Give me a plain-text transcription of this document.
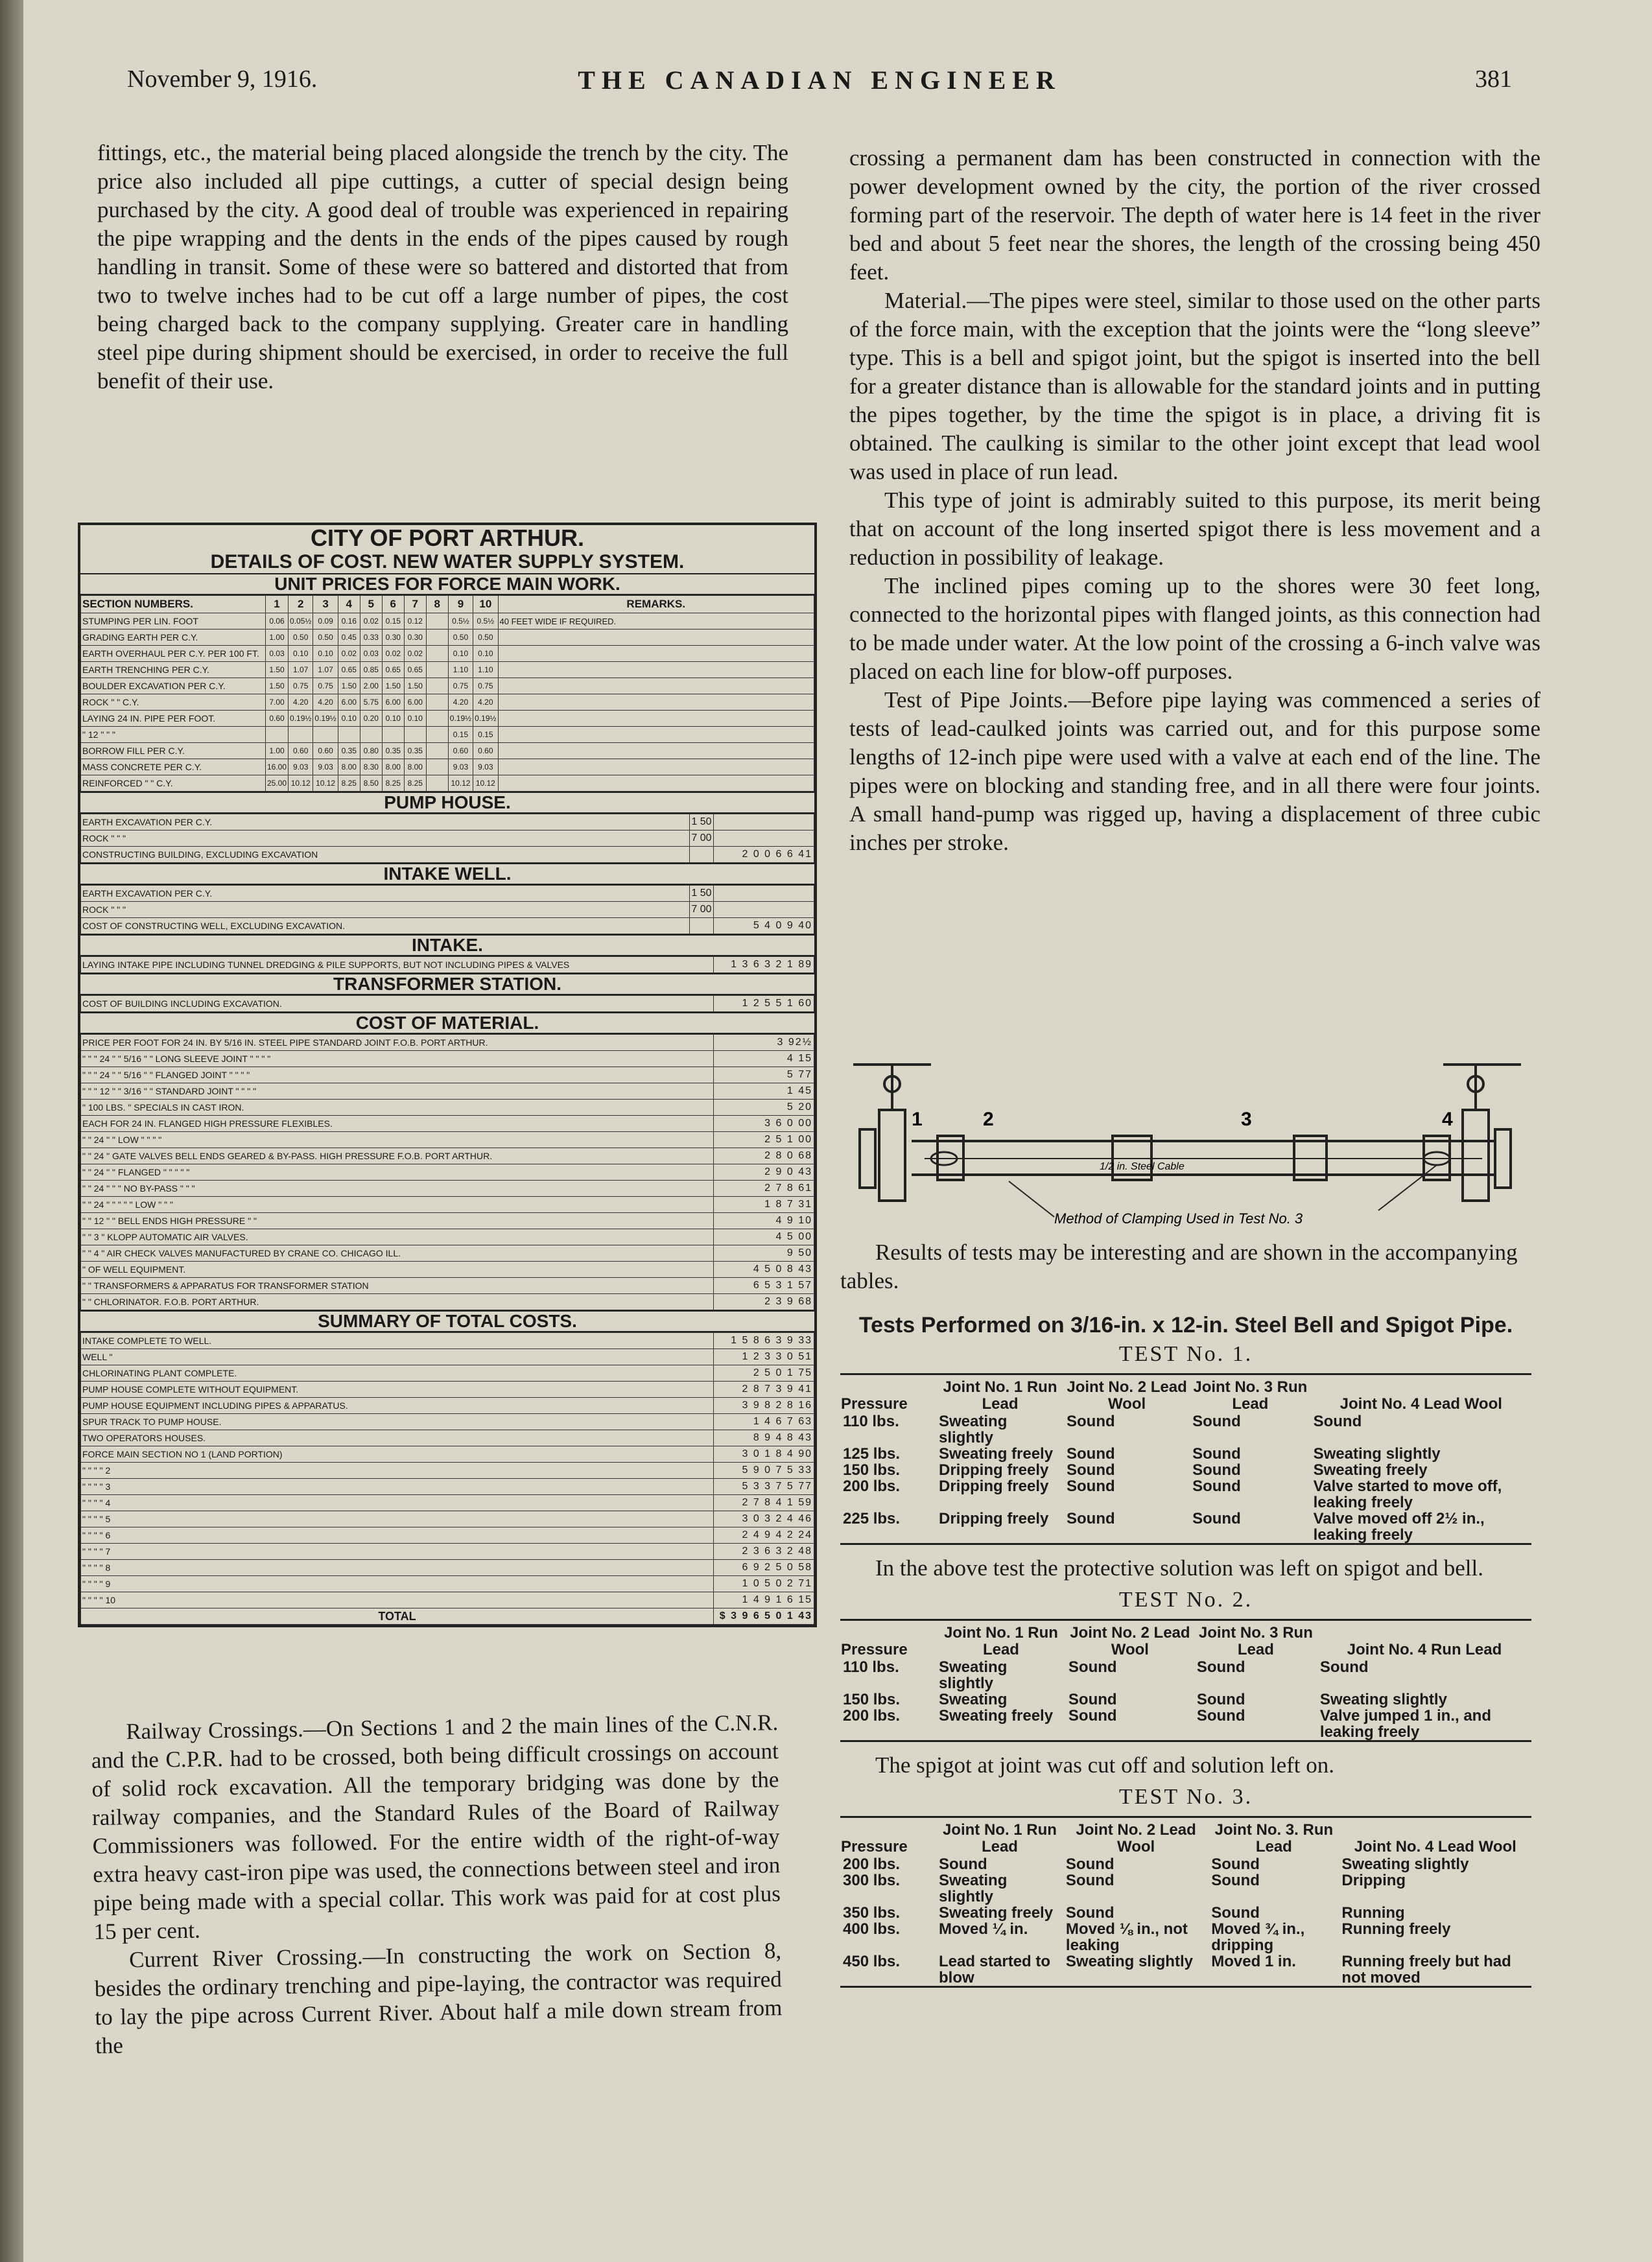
November 9, 1916.	THE CANADIAN ENGINEER	381

fittings, etc., the material being placed alongside the trench by the city. The price also included all pipe cuttings, a cutter of special design being purchased by the city. A good deal of trouble was experienced in repairing the pipe wrapping and the dents in the ends of the pipes caused by rough handling in transit. Some of these were so battered and distorted that from two to twelve inches had to be cut off a large number of pipes, the cost being charged back to the company supplying. Greater care in handling steel pipe during shipment should be exercised, in order to receive the full benefit of their use.

CITY OF PORT ARTHUR.
DETAILS OF COST. NEW WATER SUPPLY SYSTEM.
UNIT PRICES FOR FORCE MAIN WORK.
SECTION NUMBERS.	1	2	3	4	5	6	7	8	9	10	REMARKS.
STUMPING PER LIN. FOOT	0.06	0.05½	0.09	0.16	0.02	0.15	0.12		0.5½	0.5½	40 FEET WIDE IF REQUIRED.
GRADING EARTH PER C.Y.	1.00	0.50	0.50	0.45	0.33	0.30	0.30		0.50	0.50	
EARTH OVERHAUL PER C.Y. PER 100 FT.	0.03	0.10	0.10	0.02	0.03	0.02	0.02		0.10	0.10	
EARTH TRENCHING PER C.Y.	1.50	1.07	1.07	0.65	0.85	0.65	0.65		1.10	1.10	
BOULDER EXCAVATION PER C.Y.	1.50	0.75	0.75	1.50	2.00	1.50	1.50		0.75	0.75	
ROCK " " C.Y.	7.00	4.20	4.20	6.00	5.75	6.00	6.00		4.20	4.20	
LAYING 24 IN. PIPE PER FOOT.	0.60	0.19½	0.19½	0.10	0.20	0.10	0.10		0.19½	0.19½	
" 12 " " "									0.15	0.15	
BORROW FILL PER C.Y.	1.00	0.60	0.60	0.35	0.80	0.35	0.35		0.60	0.60	
MASS CONCRETE PER C.Y.	16.00	9.03	9.03	8.00	8.30	8.00	8.00		9.03	9.03	
REINFORCED " " C.Y.	25.00	10.12	10.12	8.25	8.50	8.25	8.25		10.12	10.12	
PUMP HOUSE.
EARTH EXCAVATION PER C.Y.	1 50	
ROCK " " "	7 00	
CONSTRUCTING BUILDING, EXCLUDING EXCAVATION		2 0 0 6 6 41
INTAKE WELL.
EARTH EXCAVATION PER C.Y.	1 50	
ROCK " " "	7 00	
COST OF CONSTRUCTING WELL, EXCLUDING EXCAVATION.		5 4 0 9 40
INTAKE.
LAYING INTAKE PIPE INCLUDING TUNNEL DREDGING & PILE SUPPORTS, BUT NOT INCLUDING PIPES & VALVES	1 3 6 3 2 1 89
TRANSFORMER STATION.
COST OF BUILDING INCLUDING EXCAVATION.	1 2 5 5 1 60
COST OF MATERIAL.
PRICE PER FOOT FOR 24 IN. BY 5/16 IN. STEEL PIPE STANDARD JOINT F.O.B. PORT ARTHUR.	3 92½
" " " 24 " " 5/16 " " LONG SLEEVE JOINT " " " "	4 15
" " " 24 " " 5/16 " " FLANGED JOINT " " " "	5 77
" " " 12 " " 3/16 " " STANDARD JOINT " " " "	1 45
" 100 LBS. " SPECIALS IN CAST IRON.	5 20
EACH FOR 24 IN. FLANGED HIGH PRESSURE FLEXIBLES.	3 6 0 00
" " 24 " " LOW " " " "	2 5 1 00
" " 24 " GATE VALVES BELL ENDS GEARED & BY-PASS. HIGH PRESSURE F.O.B. PORT ARTHUR.	2 8 0 68
" " 24 " " FLANGED " " " " "	2 9 0 43
" " 24 " " " NO BY-PASS " " "	2 7 8 61
" " 24 " " " " " LOW " " "	1 8 7 31
" " 12 " " BELL ENDS HIGH PRESSURE " "	4 9 10
" " 3 " KLOPP AUTOMATIC AIR VALVES.	4 5 00
" " 4 " AIR CHECK VALVES MANUFACTURED BY CRANE CO. CHICAGO ILL.	9 50
" OF WELL EQUIPMENT.	4 5 0 8 43
" " TRANSFORMERS & APPARATUS FOR TRANSFORMER STATION	6 5 3 1 57
" " CHLORINATOR. F.O.B. PORT ARTHUR.	2 3 9 68
SUMMARY OF TOTAL COSTS.
INTAKE COMPLETE TO WELL.	1 5 8 6 3 9 33
WELL "	1 2 3 3 0 51
CHLORINATING PLANT COMPLETE.	2 5 0 1 75
PUMP HOUSE COMPLETE WITHOUT EQUIPMENT.	2 8 7 3 9 41
PUMP HOUSE EQUIPMENT INCLUDING PIPES & APPARATUS.	3 9 8 2 8 16
SPUR TRACK TO PUMP HOUSE.	1 4 6 7 63
TWO OPERATORS HOUSES.	8 9 4 8 43
FORCE MAIN SECTION NO 1 (LAND PORTION)	3 0 1 8 4 90
" " " " 2	5 9 0 7 5 33
" " " " 3	5 3 3 7 5 77
" " " " 4	2 7 8 4 1 59
" " " " 5	3 0 3 2 4 46
" " " " 6	2 4 9 4 2 24
" " " " 7	2 3 6 3 2 48
" " " " 8	6 9 2 5 0 58
" " " " 9	1 0 5 0 2 71
" " " " 10	1 4 9 1 6 15
TOTAL	$ 3 9 6 5 0 1 43

Railway Crossings.—On Sections 1 and 2 the main lines of the C.N.R. and the C.P.R. had to be crossed, both being difficult crossings on account of solid rock excavation. All the temporary bridging was done by the railway companies, and the Standard Rules of the Board of Railway Commissioners was followed. For the entire width of the right-of-way extra heavy cast-iron pipe was used, the connections between steel and iron pipe being made with a special collar. This work was paid for at cost plus 15 per cent.

Current River Crossing.—In constructing the work on Section 8, besides the ordinary trenching and pipe-laying, the contractor was required to lay the pipe across Current River. About half a mile down stream from the

crossing a permanent dam has been constructed in connection with the power development owned by the city, the portion of the river crossed forming part of the reservoir. The depth of water here is 14 feet in the river bed and about 5 feet near the shores, the length of the crossing being 450 feet.

Material.—The pipes were steel, similar to those used on the other parts of the force main, with the exception that the joints were the “long sleeve” type. This is a bell and spigot joint, but the spigot is inserted into the bell for a greater distance than is allowable for the standard joints and in putting the pipes together, by the time the spigot is in place, a driving fit is obtained. The caulking is similar to the other joint except that lead wool was used in place of run lead.

This type of joint is admirably suited to this purpose, its merit being that on account of the long inserted spigot there is less movement and a reduction in possibility of leakage.

The inclined pipes coming up to the shores were 30 feet long, connected to the horizontal pipes with flanged joints, as this connection had to be made under water. At the low point of the crossing a 6-inch valve was placed on each line for blow-off purposes.

Test of Pipe Joints.—Before pipe laying was commenced a series of tests of lead-caulked joints was carried out, and for this purpose some lengths of 12-inch pipe were used with a valve at each end of the line. The pipes were on blocking and standing free, and in all there were four joints. A small hand-pump was rigged up, having a displacement of three cubic inches per stroke.

1	2	3	4
1/2 in. Steel Cable
Method of Clamping Used in Test No. 3
Results of tests may be interesting and are shown in the accompanying tables.
Tests Performed on 3/16-in. x 12-in. Steel Bell and Spigot Pipe.
TEST No. 1.
Pressure	Joint No. 1 Run Lead	Joint No. 2 Lead Wool	Joint No. 3 Run Lead	Joint No. 4 Lead Wool
110 lbs.	Sweating slightly	Sound	Sound	Sound
125 lbs.	Sweating freely	Sound	Sound	Sweating slightly
150 lbs.	Dripping freely	Sound	Sound	Sweating freely
200 lbs.	Dripping freely	Sound	Sound	Valve started to move off, leaking freely
225 lbs.	Dripping freely	Sound	Sound	Valve moved off 2½ in., leaking freely
In the above test the protective solution was left on spigot and bell.
TEST No. 2.
Pressure	Joint No. 1 Run Lead	Joint No. 2 Lead Wool	Joint No. 3 Run Lead	Joint No. 4 Run Lead
110 lbs.	Sweating slightly	Sound	Sound	Sound
150 lbs.	Sweating	Sound	Sound	Sweating slightly
200 lbs.	Sweating freely	Sound	Sound	Valve jumped 1 in., and leaking freely
The spigot at joint was cut off and solution left on.
TEST No. 3.
Pressure	Joint No. 1 Run Lead	Joint No. 2 Lead Wool	Joint No. 3. Run Lead	Joint No. 4 Lead Wool
200 lbs.	Sound	Sound	Sound	Sweating slightly
300 lbs.	Sweating slightly	Sound	Sound	Dripping
350 lbs.	Sweating freely	Sound	Sound	Running
400 lbs.	Moved ¼ in.	Moved ⅛ in., not leaking	Moved ¾ in., dripping	Running freely
450 lbs.	Lead started to blow	Sweating slightly	Moved 1 in.	Running freely but had not moved
